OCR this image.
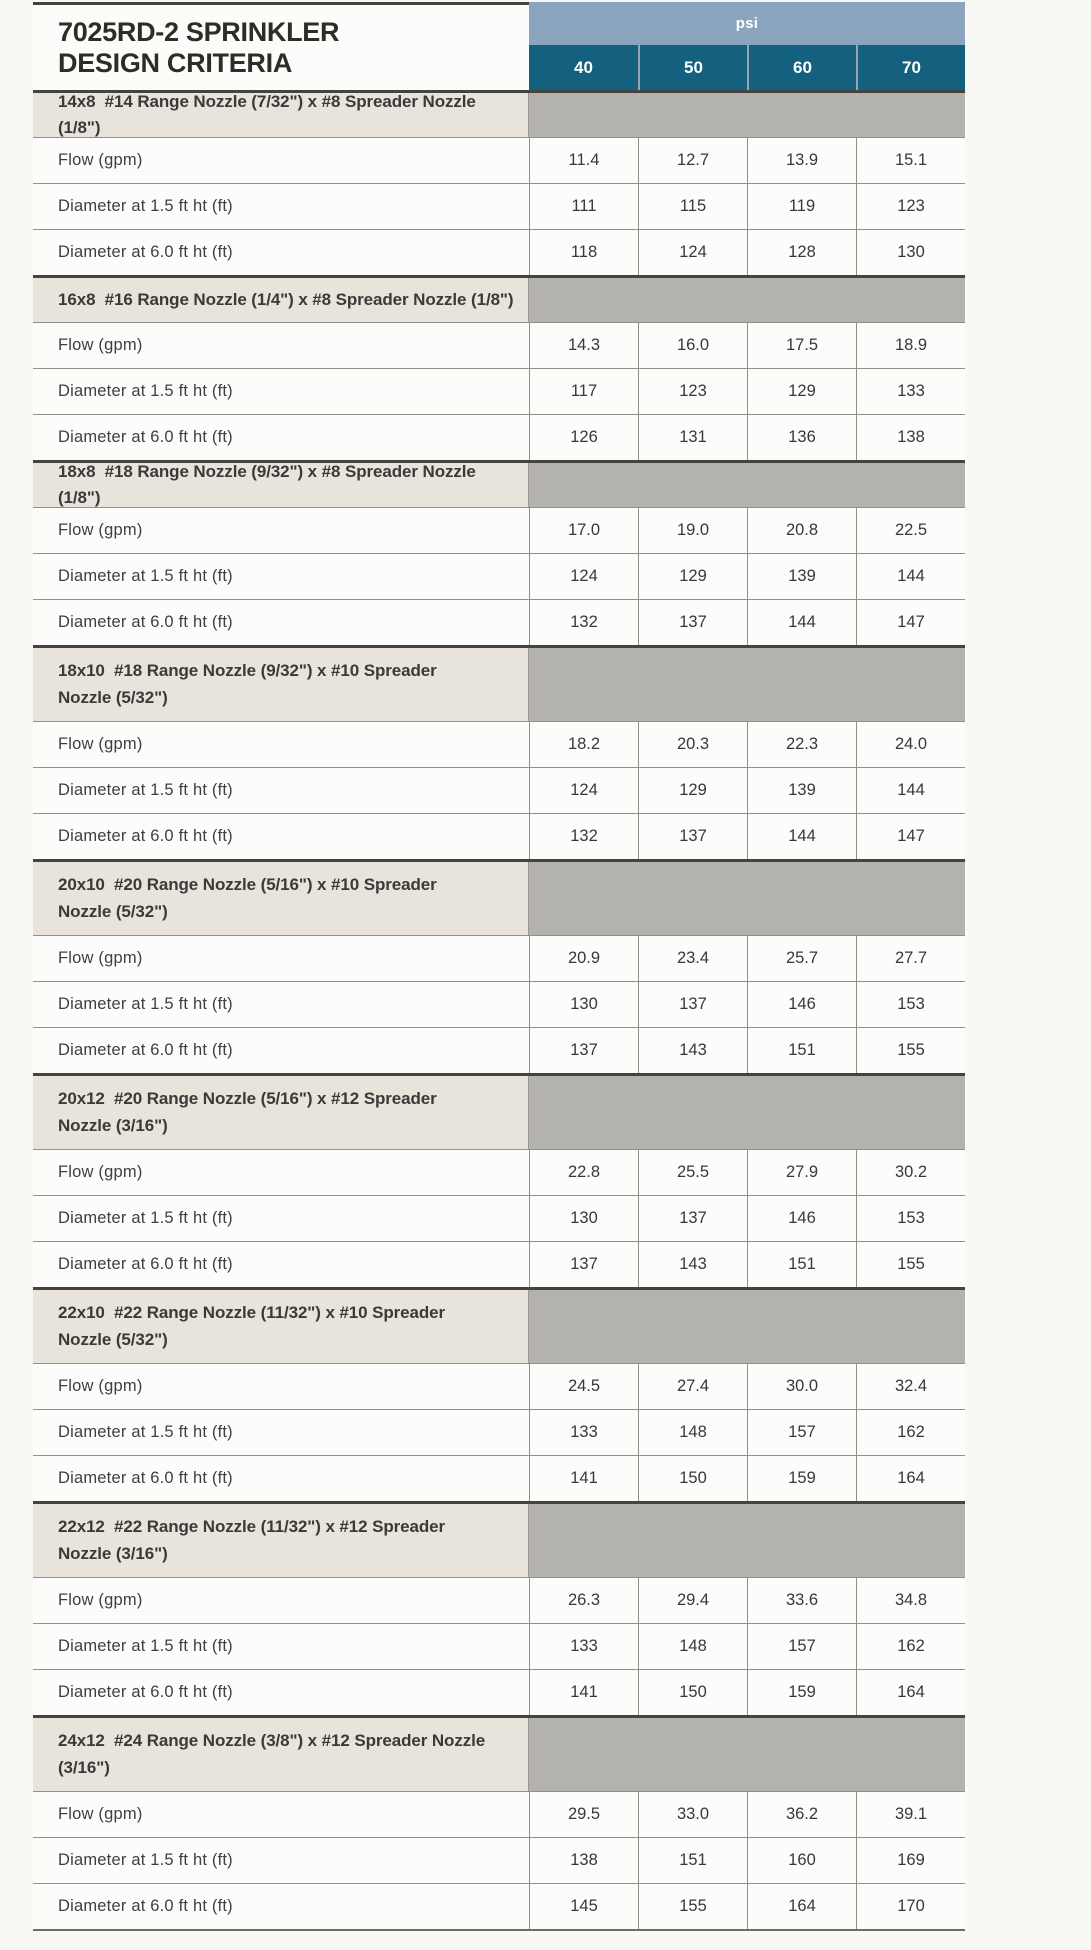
7025RD-2 SPRINKLER
DESIGN CRITERIA
psi
40	50	60	70
14x8  #14 Range Nozzle (7/32") x #8 Spreader Nozzle (1/8")
Flow (gpm)	11.4	12.7	13.9	15.1
Diameter at 1.5 ft ht (ft)	111	115	119	123
Diameter at 6.0 ft ht (ft)	118	124	128	130
16x8  #16 Range Nozzle (1/4") x #8 Spreader Nozzle (1/8")
Flow (gpm)	14.3	16.0	17.5	18.9
Diameter at 1.5 ft ht (ft)	117	123	129	133
Diameter at 6.0 ft ht (ft)	126	131	136	138
18x8  #18 Range Nozzle (9/32") x #8 Spreader Nozzle (1/8")
Flow (gpm)	17.0	19.0	20.8	22.5
Diameter at 1.5 ft ht (ft)	124	129	139	144
Diameter at 6.0 ft ht (ft)	132	137	144	147
18x10  #18 Range Nozzle (9/32") x #10 Spreader Nozzle (5/32")
Flow (gpm)	18.2	20.3	22.3	24.0
Diameter at 1.5 ft ht (ft)	124	129	139	144
Diameter at 6.0 ft ht (ft)	132	137	144	147
20x10  #20 Range Nozzle (5/16") x #10 Spreader Nozzle (5/32")
Flow (gpm)	20.9	23.4	25.7	27.7
Diameter at 1.5 ft ht (ft)	130	137	146	153
Diameter at 6.0 ft ht (ft)	137	143	151	155
20x12  #20 Range Nozzle (5/16") x #12 Spreader Nozzle (3/16")
Flow (gpm)	22.8	25.5	27.9	30.2
Diameter at 1.5 ft ht (ft)	130	137	146	153
Diameter at 6.0 ft ht (ft)	137	143	151	155
22x10  #22 Range Nozzle (11/32") x #10 Spreader Nozzle (5/32")
Flow (gpm)	24.5	27.4	30.0	32.4
Diameter at 1.5 ft ht (ft)	133	148	157	162
Diameter at 6.0 ft ht (ft)	141	150	159	164
22x12  #22 Range Nozzle (11/32") x #12 Spreader Nozzle (3/16")
Flow (gpm)	26.3	29.4	33.6	34.8
Diameter at 1.5 ft ht (ft)	133	148	157	162
Diameter at 6.0 ft ht (ft)	141	150	159	164
24x12  #24 Range Nozzle (3/8") x #12 Spreader Nozzle (3/16")
Flow (gpm)	29.5	33.0	36.2	39.1
Diameter at 1.5 ft ht (ft)	138	151	160	169
Diameter at 6.0 ft ht (ft)	145	155	164	170
